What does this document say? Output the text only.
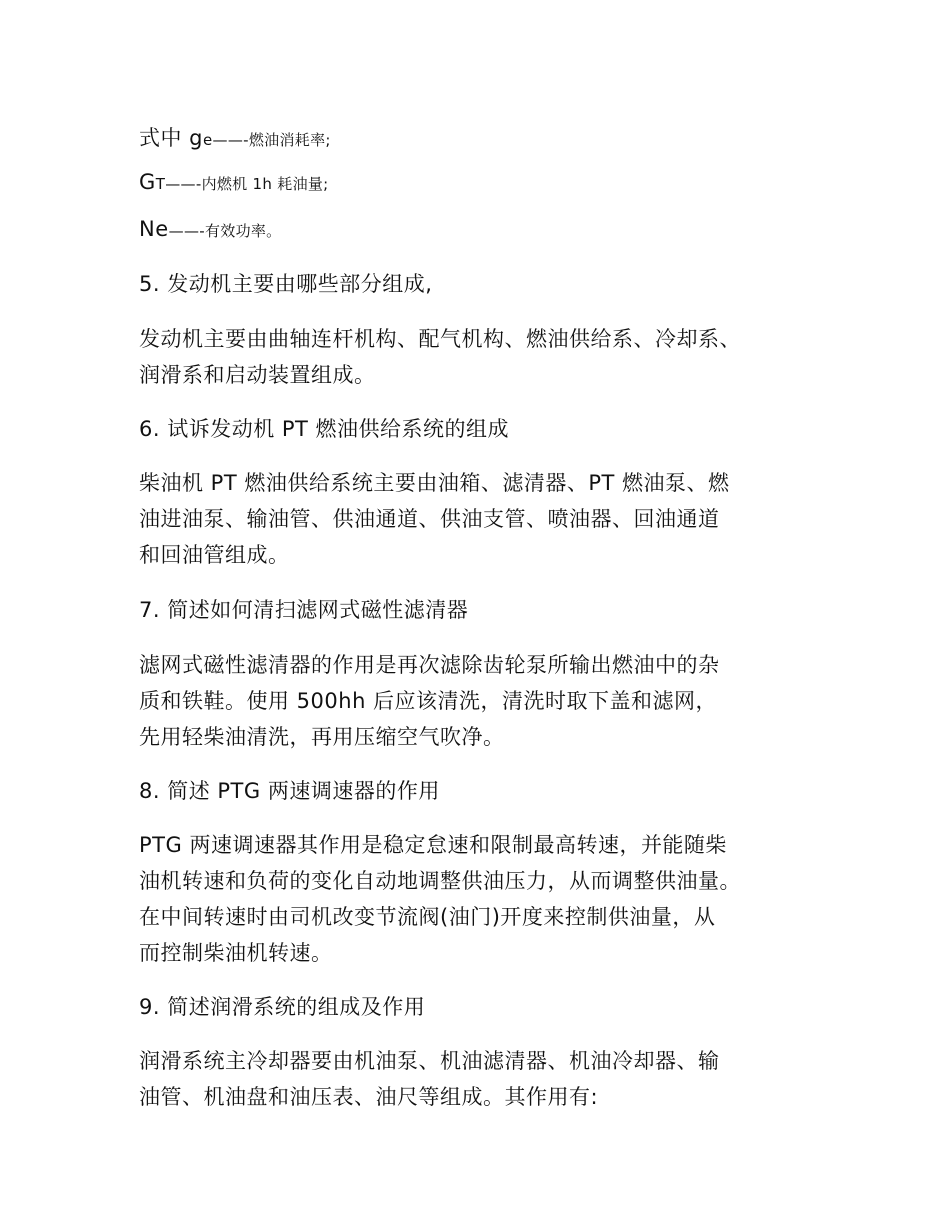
式中 ge——-燃油消耗率;
GT——-内燃机 1h 耗油量;
Ne——-有效功率。
5. 发动机主要由哪些部分组成,
发动机主要由曲轴连杆机构、配气机构、燃油供给系、冷却系、
润滑系和启动装置组成。
6. 试诉发动机 PT 燃油供给系统的组成
柴油机 PT 燃油供给系统主要由油箱、滤清器、PT 燃油泵、燃
油进油泵、输油管、供油通道、供油支管、喷油器、回油通道
和回油管组成。
7. 简述如何清扫滤网式磁性滤清器
滤网式磁性滤清器的作用是再次滤除齿轮泵所输出燃油中的杂
质和铁鞋。使用 500hh 后应该清洗，清洗时取下盖和滤网，
先用轻柴油清洗，再用压缩空气吹净。
8. 简述 PTG 两速调速器的作用
PTG 两速调速器其作用是稳定怠速和限制最高转速，并能随柴
油机转速和负荷的变化自动地调整供油压力，从而调整供油量。
在中间转速时由司机改变节流阀(油门)开度来控制供油量，从
而控制柴油机转速。
9. 简述润滑系统的组成及作用
润滑系统主冷却器要由机油泵、机油滤清器、机油冷却器、输
油管、机油盘和油压表、油尺等组成。其作用有:
